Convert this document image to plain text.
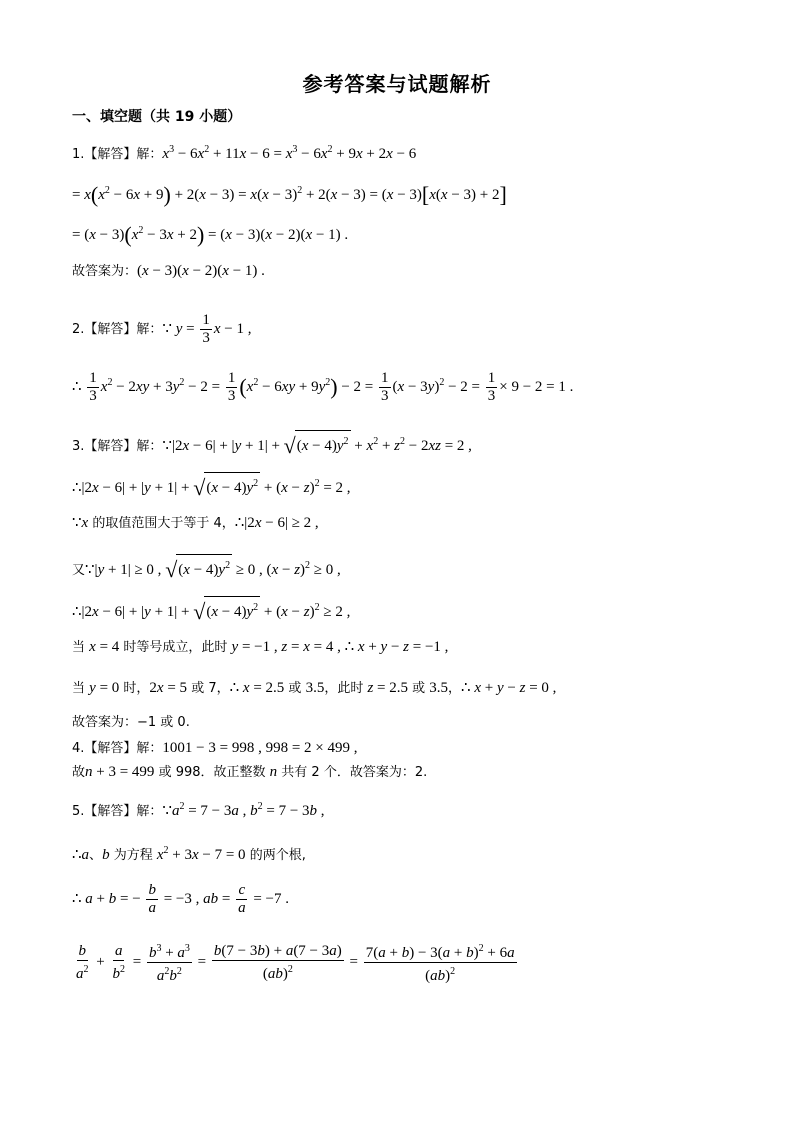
参考答案与试题解析
一、填空题（共 19 小题）
1.【解答】解：$x^3 - 6x^2 + 11x - 6 = x^3 - 6x^2 + 9x + 2x - 6$
= $x(x^2 - 6x + 9) + 2(x - 3) = x(x - 3)^2 + 2(x - 3) = (x - 3)[x(x - 3) + 2]$
= $(x - 3)(x^2 - 3x + 2) = (x - 3)(x - 2)(x - 1)$ .
故答案为：(x − 3)(x − 2)(x − 1) .
2.【解答】解：∵ $y = \frac{1}{3}$ x − 1 ,
∴ $\frac{1}{3} x^2 - 2xy + 3y^2 - 2 = \frac{1}{3} (x^2 - 6xy + 9y^2) - 2 = \frac{1}{3} (x - 3y)^2 - 2 = \frac{1}{3} \times 9 - 2 = 1$ .
3.【解答】解：∵|2x − $6| + |y + 1| + √(x - 4)y^2 + x^2 + z^2 - 2xz = 2$ ,
∴|2x − $6| + |y + 1| + √(x - 4)y^2 + (x - z)^2 = 2$ ,
∵x 的取值范围大于等于 4，∴|2x − 6| ≥ 2 ,
又∵|y + 1| ≥ 0 , $√(x - 4)y^2 \ge 0$ , $(x - z)^2 \ge 0$ ,
∴|2x − $6| + |y + 1| + √(x - 4)y^2 + (x - z)^2 \ge 2$ ,
当 x = 4 时等号成立，此时 y = −1 , z = x = 4 , ∴ x + y − z = −1 ,
当 y = 0 时，2x = 5 或 7，∴ x = 2.5 或 3.5，此时 z = 2.5 或 3.5，∴ x + y − z = 0 ,
故答案为：−1 或 0.
4.【解答】解：1001 − 3 = 998 , 998 = 2 × 499 ,
故n + 3 = 499 或 998．故正整数 n 共有 2 个．故答案为：2.
5.【解答】解：$\because a^2 = 7 - 3a$ , $b^2 = 7 - 3b$ ,
∴a、b 为方程 $x^2 + 3x - 7 = 0$ 的两个根,
∴ a + b = − $\frac{b}{a} = -3$ , ab = $\frac{c}{a} = -7$ .
$\frac{b}{a^2} + \frac{a}{b^2} = \frac{b^3 + a^3}{a^2b^2} = \frac{b(7 - 3b) + a(7 - 3a)}{(ab)^2} = \frac{7(a + b) - 3(a + b)^2 + 6a}{(ab)^2}$
